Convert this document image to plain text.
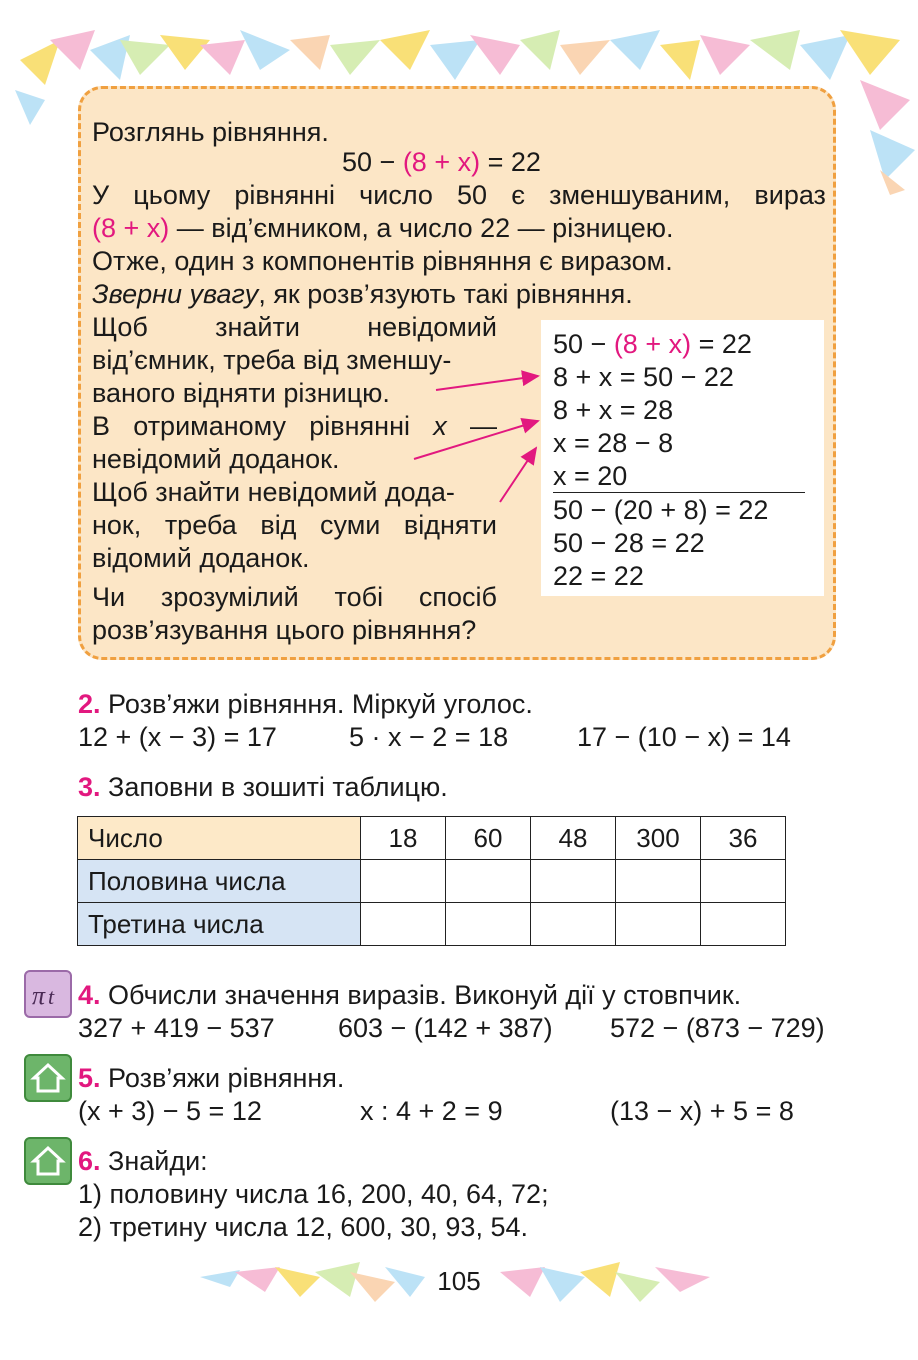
Розглянь рівняння.
50 − (8 + x) = 22
У цьому рівнянні число 50 є зменшуваним, вираз
(8 + x) — від’ємником, а число 22 — різницею.
Отже, один з компонентів рівняння є виразом.
Зверни увагу, як розв’язують такі рівняння.
Щоб знайти невідомий
від’ємник, треба від зменшу-
ваного відняти різницю.
В отриманому рівнянні x —
невідомий доданок.
Щоб знайти невідомий дода-
нок, треба від суми відняти
відомий доданок.
Чи зрозумілий тобі спосіб
розв’язування цього рівняння?
50 − (8 + x) = 22
8 + x = 50 − 22
8 + x = 28
x = 28 − 8
x = 20
50 − (20 + 8) = 22
50 − 28 = 22
22 = 22
2. Розв’яжи рівняння. Міркуй уголос.
12 + (x − 3) = 17	5 · x − 2 = 18	17 − (10 − x) = 14
3. Заповни в зошиті таблицю.
Число	18	60	48	300	36
Половина числа					
Третина числа					
π t 4. Обчисли значення виразів. Виконуй дії у стовпчик.
327 + 419 − 537 603 − (142 + 387) 572 − (873 − 729)
5. Розв’яжи рівняння.
(x + 3) − 5 = 12	x : 4 + 2 = 9	(13 − x) + 5 = 8
6. Знайди:
1) половину числа 16, 200, 40, 64, 72;
2) третину числа 12, 600, 30, 93, 54.
105
